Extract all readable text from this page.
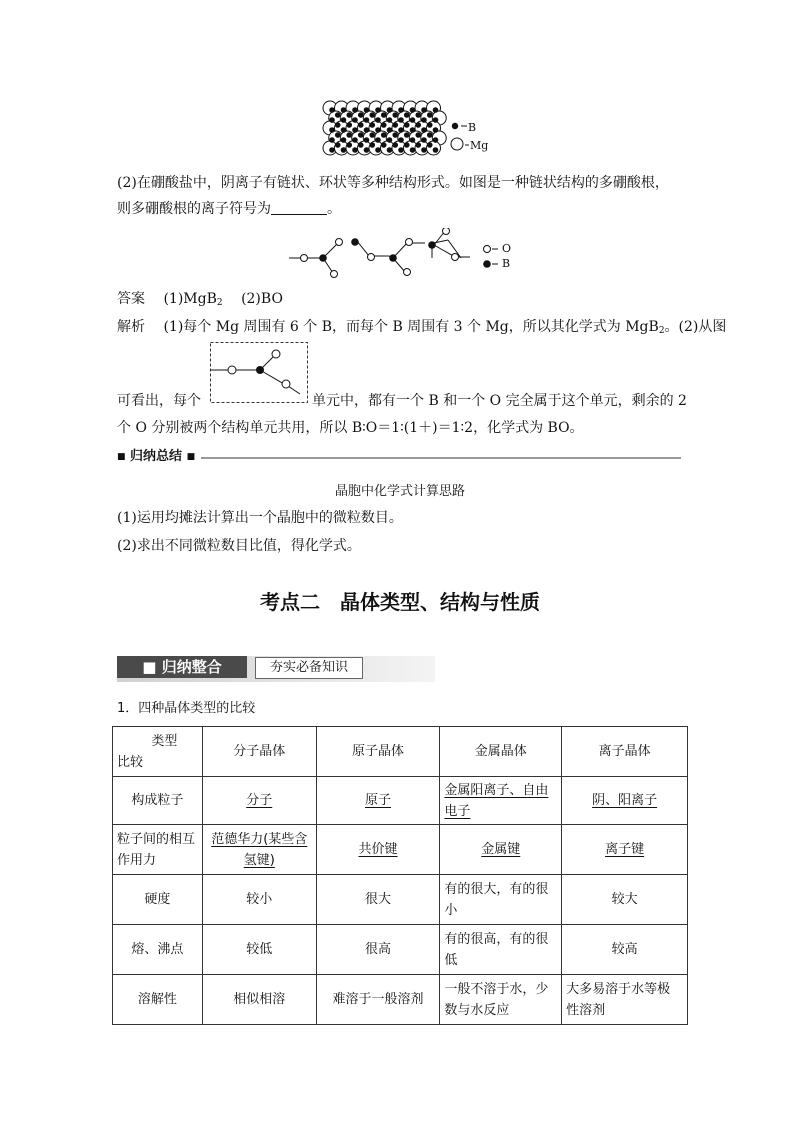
B
Mg
(2)在硼酸盐中，阴离子有链状、环状等多种结构形式。如图是一种链状结构的多硼酸根，
则多硼酸根的离子符号为	。
O
B
答案　 (1)MgB$_2$　 (2)BO
解析　 (1)每个 Mg 周围有 6 个 B，而每个 B 周围有 3 个 Mg，所以其化学式为 MgB$_2$。(2)从图
可看出，每个	单元中，都有一个 B 和一个 O 完全属于这个单元，剩余的 2
个 O 分别被两个结构单元共用，所以 B∶O＝1∶(1＋)＝1∶2，化学式为 BO。
■ 归纳总结 ■
晶胞中化学式计算思路
(1)运用均摊法计算出一个晶胞中的微粒数目。
(2)求出不同微粒数目比值，得化学式。
考点二　晶体类型、结构与性质
■ 归纳整合	夯实必备知识
1．四种晶体类型的比较
类型
比较	分子晶体	原子晶体	金属晶体	离子晶体
构成粒子	分子	原子	金属阳离子、自由电子	阴、阳离子
粒子间的相互作用力	范德华力(某些含氢键)	共价键	金属键	离子键
硬度	较小	很大	有的很大，有的很小	较大
熔、沸点	较低	很高	有的很高，有的很低	较高
溶解性	相似相溶	难溶于一般溶剂	一般不溶于水，少数与水反应	大多易溶于水等极性溶剂
